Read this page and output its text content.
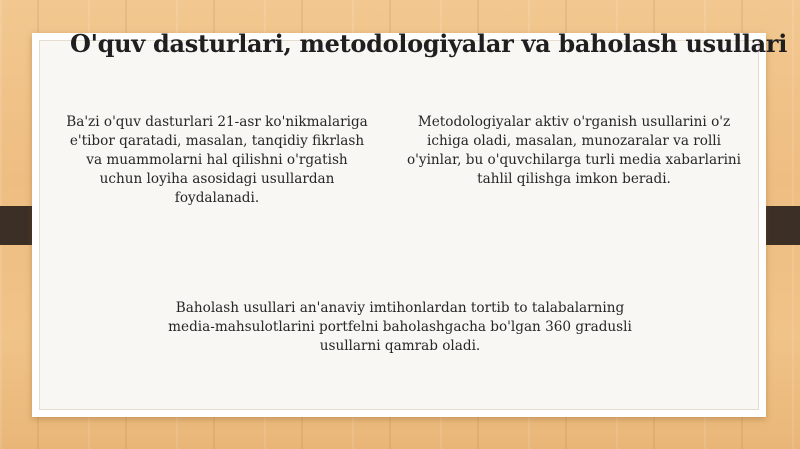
O'quv dasturlari, metodologiyalar va baholash usullari

Ba'zi o'quv dasturlari 21-asr ko'nikmalariga
e'tibor qaratadi, masalan, tanqidiy fikrlash
va muammolarni hal qilishni o'rgatish
uchun loyiha asosidagi usullardan
foydalanadi.

Metodologiyalar aktiv o'rganish usullarini o'z
ichiga oladi, masalan, munozaralar va rolli
o'yinlar, bu o'quvchilarga turli media xabarlarini
tahlil qilishga imkon beradi.

Baholash usullari an'anaviy imtihonlardan tortib to talabalarning
media-mahsulotlarini portfelni baholashgacha bo'lgan 360 gradusli
usullarni qamrab oladi.
